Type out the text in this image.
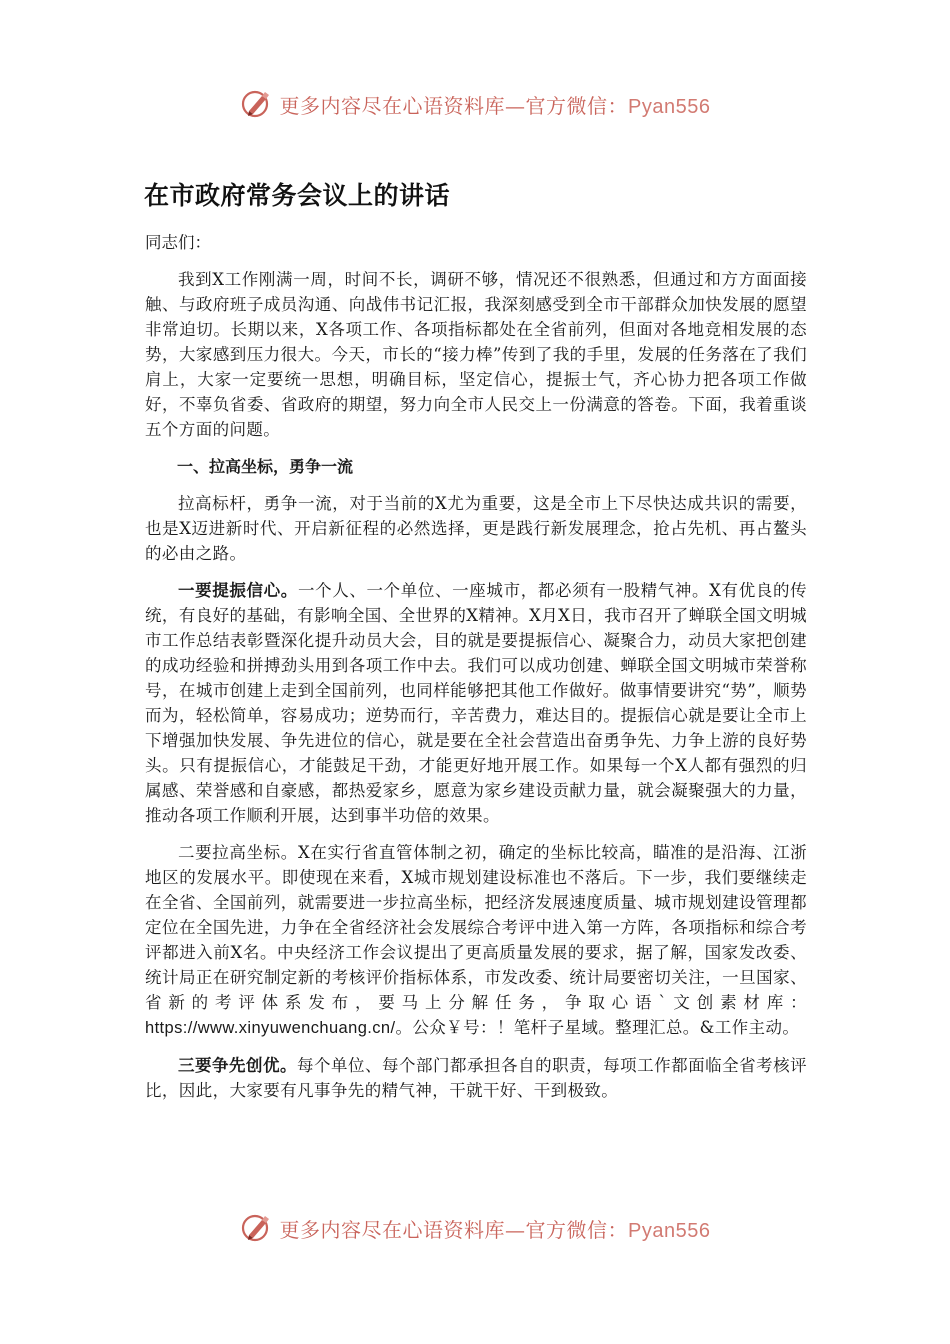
更多内容尽在心语资料库—官方微信：Pyan556
在市政府常务会议上的讲话

同志们：

我到X工作刚满一周，时间不长，调研不够，情况还不很熟悉，但通过和方方面面接触、与政府班子成员沟通、向战伟书记汇报，我深刻感受到全市干部群众加快发展的愿望非常迫切。长期以来，X各项工作、各项指标都处在全省前列，但面对各地竞相发展的态势，大家感到压力很大。今天，市长的“接力棒”传到了我的手里，发展的任务落在了我们肩上，大家一定要统一思想，明确目标，坚定信心，提振士气，齐心协力把各项工作做好，不辜负省委、省政府的期望，努力向全市人民交上一份满意的答卷。下面，我着重谈五个方面的问题。

一、拉高坐标，勇争一流

拉高标杆，勇争一流，对于当前的X尤为重要，这是全市上下尽快达成共识的需要，也是X迈进新时代、开启新征程的必然选择，更是践行新发展理念，抢占先机、再占鳌头的必由之路。

一要提振信心。一个人、一个单位、一座城市，都必须有一股精气神。X有优良的传统，有良好的基础，有影响全国、全世界的X精神。X月X日，我市召开了蝉联全国文明城市工作总结表彰暨深化提升动员大会，目的就是要提振信心、凝聚合力，动员大家把创建的成功经验和拼搏劲头用到各项工作中去。我们可以成功创建、蝉联全国文明城市荣誉称号，在城市创建上走到全国前列，也同样能够把其他工作做好。做事情要讲究“势”，顺势而为，轻松简单，容易成功；逆势而行，辛苦费力，难达目的。提振信心就是要让全市上下增强加快发展、争先进位的信心，就是要在全社会营造出奋勇争先、力争上游的良好势头。只有提振信心，才能鼓足干劲，才能更好地开展工作。如果每一个X人都有强烈的归属感、荣誉感和自豪感，都热爱家乡，愿意为家乡建设贡献力量，就会凝聚强大的力量，推动各项工作顺利开展，达到事半功倍的效果。

二要拉高坐标。X在实行省直管体制之初，确定的坐标比较高，瞄准的是沿海、江浙地区的发展水平。即使现在来看，X城市规划建设标准也不落后。下一步，我们要继续走在全省、全国前列，就需要进一步拉高坐标，把经济发展速度质量、城市规划建设管理都定位在全国先进，力争在全省经济社会发展综合考评中进入第一方阵，各项指标和综合考评都进入前X名。中央经济工作会议提出了更高质量发展的要求，据了解，国家发改委、统计局正在研究制定新的考核评价指标体系，市发改委、统计局要密切关注，一旦国家、省新的考评体系发布，要马上分解任务，争取心语`文创素材库：https://www.xinyuwenchuang.cn/。公众￥号：！笔杆子星域。整理汇总。&工作主动。

三要争先创优。每个单位、每个部门都承担各自的职责，每项工作都面临全省考核评比，因此，大家要有凡事争先的精气神，干就干好、干到极致。

更多内容尽在心语资料库—官方微信：Pyan556
